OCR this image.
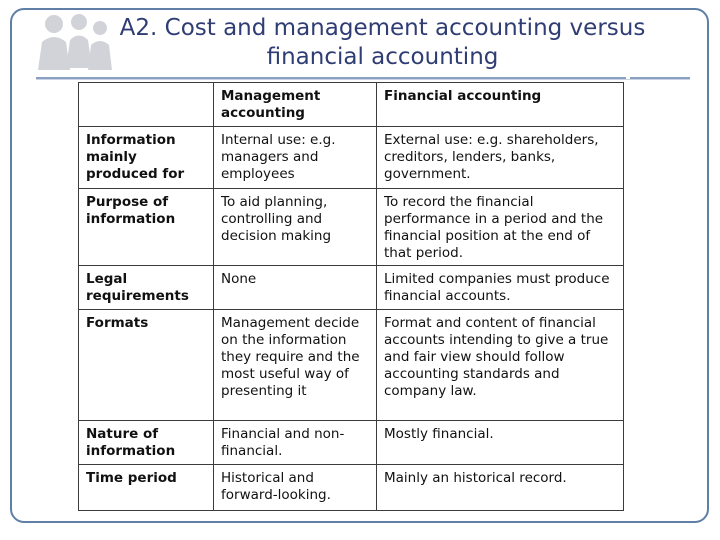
A2. Cost and management accounting versus
financial accounting
	Management accounting	Financial accounting
Information mainly produced for	Internal use: e.g. managers and employees	External use: e.g. shareholders, creditors, lenders, banks, government.
Purpose of information	To aid planning, controlling and decision making	To record the financial performance in a period and the financial position at the end of that period.
Legal requirements	None	Limited companies must produce financial accounts.
Formats	Management decide on the information they require and the most useful way of presenting it	Format and content of financial accounts intending to give a true and fair view should follow accounting standards and company law.
Nature of information	Financial and non-financial.	Mostly financial.
Time period	Historical and forward-looking.	Mainly an historical record.
